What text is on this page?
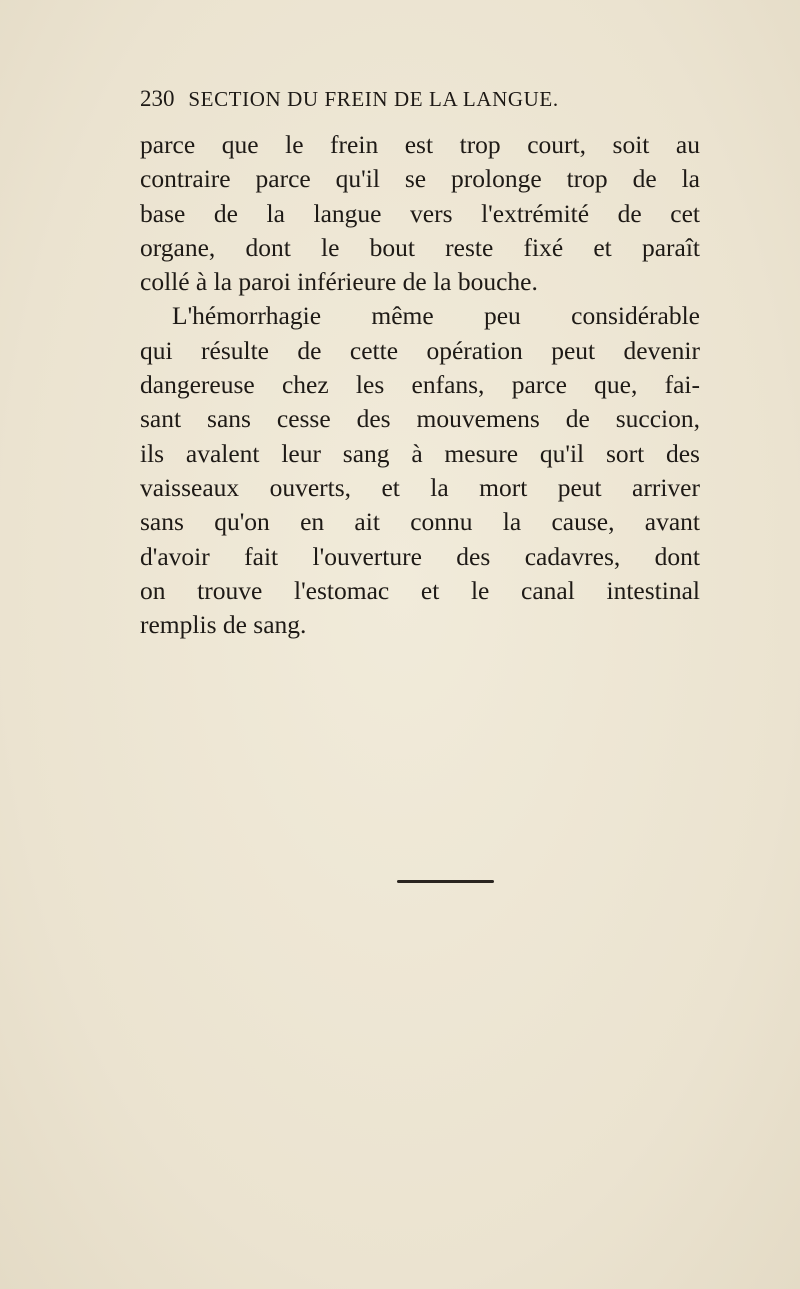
230 SECTION DU FREIN DE LA LANGUE.
parce que le frein est trop court, soit au
contraire parce qu'il se prolonge trop de la
base de la langue vers l'extrémité de cet
organe, dont le bout reste fixé et paraît
collé à la paroi inférieure de la bouche.
L'hémorrhagie même peu considérable
qui résulte de cette opération peut devenir
dangereuse chez les enfans, parce que, fai-
sant sans cesse des mouvemens de succion,
ils avalent leur sang à mesure qu'il sort des
vaisseaux ouverts, et la mort peut arriver
sans qu'on en ait connu la cause, avant
d'avoir fait l'ouverture des cadavres, dont
on trouve l'estomac et le canal intestinal
remplis de sang.
